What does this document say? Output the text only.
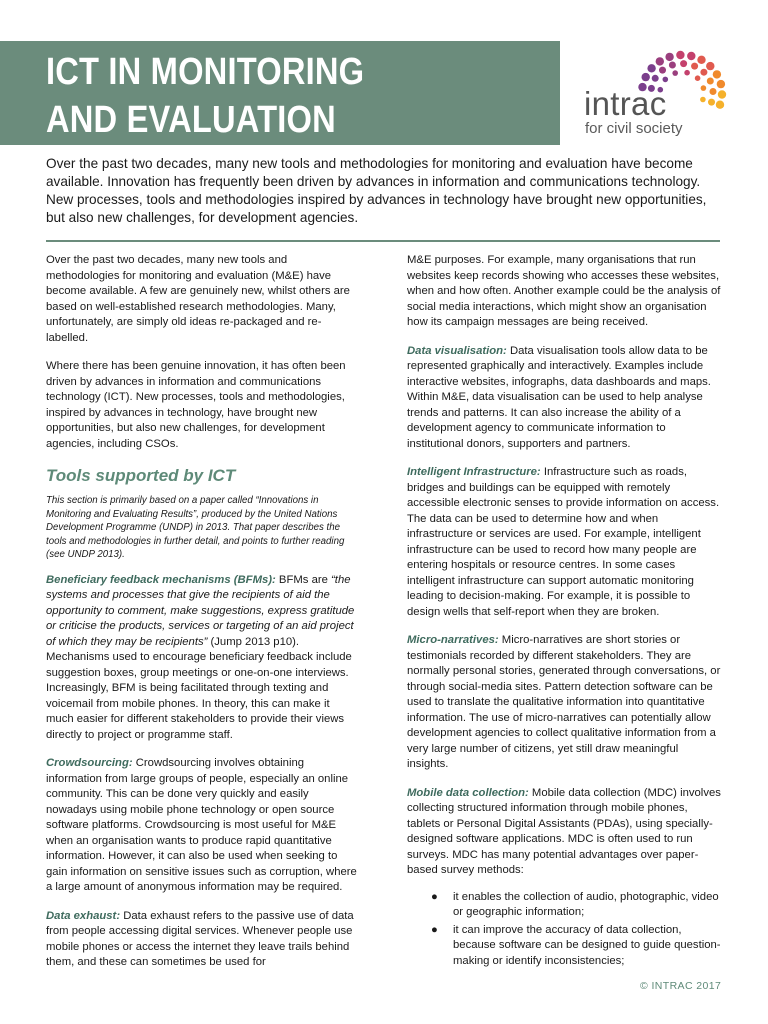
ICT IN MONITORING
AND EVALUATION	intrac
for civil society
Over the past two decades, many new tools and methodologies for monitoring and evaluation have become available. Innovation has frequently been driven by advances in information and communications technology. New processes, tools and methodologies inspired by advances in technology have brought new opportunities, but also new challenges, for development agencies.

Over the past two decades, many new tools and methodologies for monitoring and evaluation (M&E) have become available. A few are genuinely new, whilst others are based on well-established research methodologies. Many, unfortunately, are simply old ideas re-packaged and re-labelled.

Where there has been genuine innovation, it has often been driven by advances in information and communications technology (ICT). New processes, tools and methodologies, inspired by advances in technology, have brought new opportunities, but also new challenges, for development agencies, including CSOs.

Tools supported by ICT

This section is primarily based on a paper called “Innovations in Monitoring and Evaluating Results”, produced by the United Nations Development Programme (UNDP) in 2013. That paper describes the tools and methodologies in further detail, and points to further reading (see UNDP 2013).

Beneficiary feedback mechanisms (BFMs): BFMs are “the systems and processes that give the recipients of aid the opportunity to comment, make suggestions, express gratitude or criticise the products, services or targeting of an aid project of which they may be recipients” (Jump 2013 p10). Mechanisms used to encourage beneficiary feedback include suggestion boxes, group meetings or one-on-one interviews. Increasingly, BFM is being facilitated through texting and voicemail from mobile phones. In theory, this can make it much easier for different stakeholders to provide their views directly to project or programme staff.

Crowdsourcing: Crowdsourcing involves obtaining information from large groups of people, especially an online community. This can be done very quickly and easily nowadays using mobile phone technology or open source software platforms. Crowdsourcing is most useful for M&E when an organisation wants to produce rapid quantitative information. However, it can also be used when seeking to gain information on sensitive issues such as corruption, where a large amount of anonymous information may be required.

Data exhaust: Data exhaust refers to the passive use of data from people accessing digital services. Whenever people use mobile phones or access the internet they leave trails behind them, and these can sometimes be used for

M&E purposes. For example, many organisations that run websites keep records showing who accesses these websites, when and how often. Another example could be the analysis of social media interactions, which might show an organisation how its campaign messages are being received.

Data visualisation: Data visualisation tools allow data to be represented graphically and interactively. Examples include interactive websites, infographs, data dashboards and maps. Within M&E, data visualisation can be used to help analyse trends and patterns. It can also increase the ability of a development agency to communicate information to institutional donors, supporters and partners.

Intelligent Infrastructure: Infrastructure such as roads, bridges and buildings can be equipped with remotely accessible electronic senses to provide information on access. The data can be used to determine how and when infrastructure or services are used. For example, intelligent infrastructure can be used to record how many people are entering hospitals or resource centres. In some cases intelligent infrastructure can support automatic monitoring leading to decision-making. For example, it is possible to design wells that self-report when they are broken.

Micro-narratives: Micro-narratives are short stories or testimonials recorded by different stakeholders. They are normally personal stories, generated through conversations, or through social-media sites. Pattern detection software can be used to translate the qualitative information into quantitative information. The use of micro-narratives can potentially allow development agencies to collect qualitative information from a very large number of citizens, yet still draw meaningful insights.

Mobile data collection: Mobile data collection (MDC) involves collecting structured information through mobile phones, tablets or Personal Digital Assistants (PDAs), using specially-designed software applications. MDC is often used to run surveys. MDC has many potential advantages over paper-based survey methods:

● it enables the collection of audio, photographic, video or geographic information;
● it can improve the accuracy of data collection, because software can be designed to guide question-making or identify inconsistencies;
© INTRAC 2017
